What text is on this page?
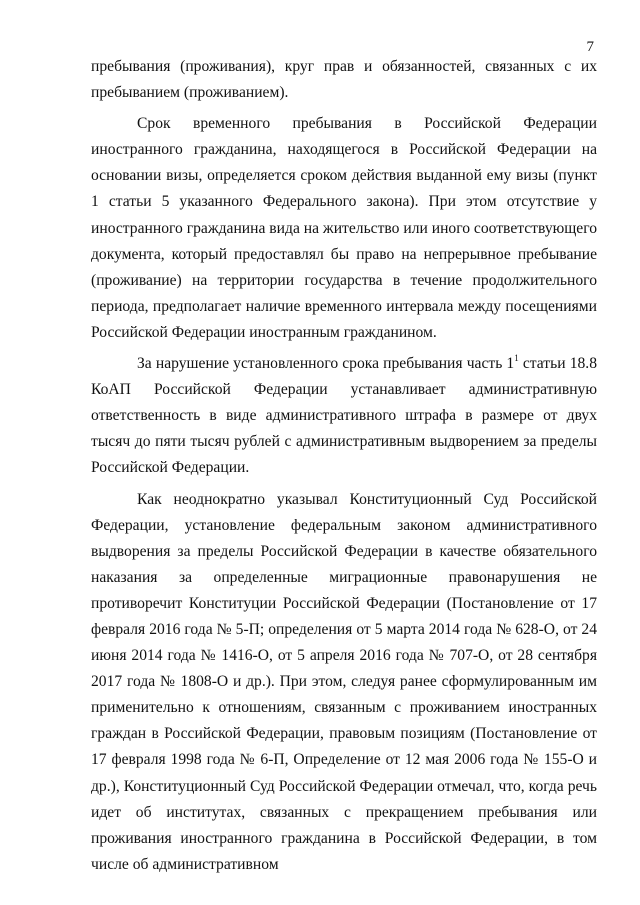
7

пребывания (проживания), круг прав и обязанностей, связанных с их пребыванием (проживанием).

Срок временного пребывания в Российской Федерации иностранного гражданина, находящегося в Российской Федерации на основании визы, определяется сроком действия выданной ему визы (пункт 1 статьи 5 указанного Федерального закона). При этом отсутствие у иностранного гражданина вида на жительство или иного соответствующего документа, который предоставлял бы право на непрерывное пребывание (проживание) на территории государства в течение продолжительного периода, предполагает наличие временного интервала между посещениями Российской Федерации иностранным гражданином.

За нарушение установленного срока пребывания часть $1^1$ статьи 18.8 КоАП Российской Федерации устанавливает административную ответственность в виде административного штрафа в размере от двух тысяч до пяти тысяч рублей с административным выдворением за пределы Российской Федерации.

Как неоднократно указывал Конституционный Суд Российской Федерации, установление федеральным законом административного выдворения за пределы Российской Федерации в качестве обязательного наказания за определенные миграционные правонарушения не противоречит Конституции Российской Федерации (Постановление от 17 февраля 2016 года № 5-П; определения от 5 марта 2014 года № 628-О, от 24 июня 2014 года № 1416-О, от 5 апреля 2016 года № 707-О, от 28 сентября 2017 года № 1808-О и др.). При этом, следуя ранее сформулированным им применительно к отношениям, связанным с проживанием иностранных граждан в Российской Федерации, правовым позициям (Постановление от 17 февраля 1998 года № 6-П, Определение от 12 мая 2006 года № 155-О и др.), Конституционный Суд Российской Федерации отмечал, что, когда речь идет об институтах, связанных с прекращением пребывания или проживания иностранного гражданина в Российской Федерации, в том числе об административном
